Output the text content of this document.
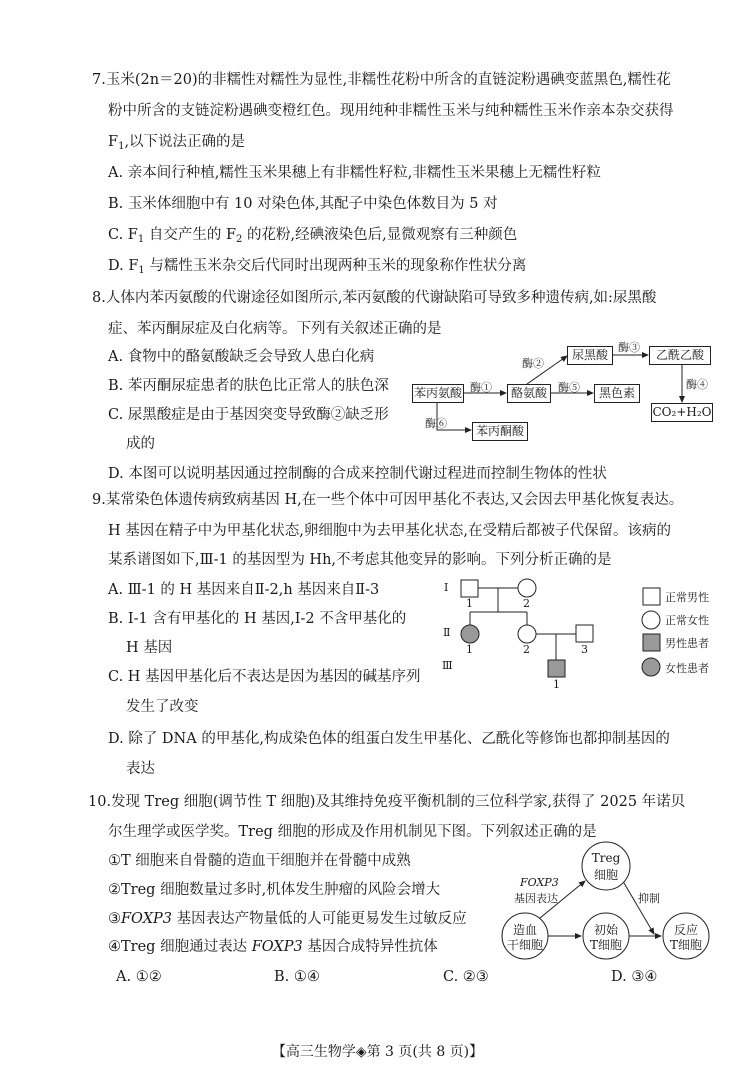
7.玉米(2n＝20)的非糯性对糯性为显性,非糯性花粉中所含的直链淀粉遇碘变蓝黑色,糯性花
粉中所含的支链淀粉遇碘变橙红色。现用纯种非糯性玉米与纯种糯性玉米作亲本杂交获得
$F_1$,以下说法正确的是
A. 亲本间行种植,糯性玉米果穗上有非糯性籽粒,非糯性玉米果穗上无糯性籽粒
B. 玉米体细胞中有 10 对染色体,其配子中染色体数目为 5 对
C. $F_1$ 自交产生的 $F_2$ 的花粉,经碘液染色后,显微观察有三种颜色
D. $F_1$ 与糯性玉米杂交后代同时出现两种玉米的现象称作性状分离
8.人体内苯丙氨酸的代谢途径如图所示,苯丙氨酸的代谢缺陷可导致多种遗传病,如:尿黑酸
症、苯丙酮尿症及白化病等。下列有关叙述正确的是
A. 食物中的酪氨酸缺乏会导致人患白化病
B. 苯丙酮尿症患者的肤色比正常人的肤色深
C. 尿黑酸症是由于基因突变导致酶②缺乏形
成的
D. 本图可以说明基因通过控制酶的合成来控制代谢过程进而控制生物体的性状
苯丙氨酸	酪氨酸
尿黑酸	乙酰乙酸
黑色素
CO₂+H₂O
苯丙酮酸
酶①
酶②
酶③
酶④
酶⑤
酶⑥
9.某常染色体遗传病致病基因 H,在一些个体中可因甲基化不表达,又会因去甲基化恢复表达。
H 基因在精子中为甲基化状态,卵细胞中为去甲基化状态,在受精后都被子代保留。该病的
某系谱图如下,Ⅲ-1 的基因型为 Hh,不考虑其他变异的影响。下列分析正确的是
A. Ⅲ-1 的 H 基因来自Ⅱ-2,h 基因来自Ⅱ-3
B. Ⅰ-1 含有甲基化的 H 基因,Ⅰ-2 不含甲基化的
H 基因
C. H 基因甲基化后不表达是因为基因的碱基序列
发生了改变
D. 除了 DNA 的甲基化,构成染色体的组蛋白发生甲基化、乙酰化等修饰也都抑制基因的
表达
Ⅰ
Ⅱ
Ⅲ
1	2
1	2	3
1
正常男性
正常女性
男性患者
女性患者
10.发现 Treg 细胞(调节性 T 细胞)及其维持免疫平衡机制的三位科学家,获得了 2025 年诺贝
尔生理学或医学奖。Treg 细胞的形成及作用机制见下图。下列叙述正确的是
①T 细胞来自骨髓的造血干细胞并在骨髓中成熟
②Treg 细胞数量过多时,机体发生肿瘤的风险会增大
③FOXP3 基因表达产物量低的人可能更易发生过敏反应
④Treg 细胞通过表达 FOXP3 基因合成特异性抗体
A. ①②	B. ①④	C. ②③	D. ③④
Treg
细胞
造血
干细胞
初始
T细胞
反应
T细胞
FOXP3
基因表达	抑制
【高三生物学◈第 3 页(共 8 页)】
